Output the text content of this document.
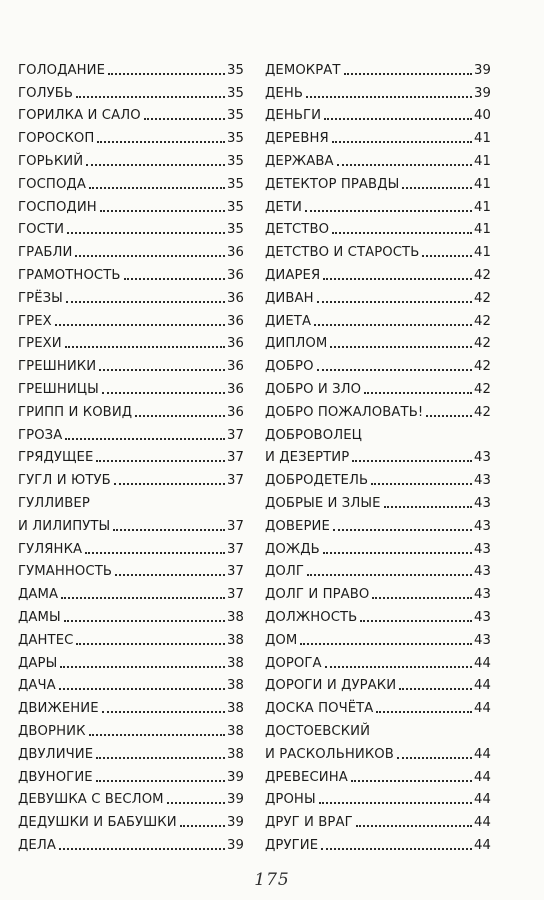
ГОЛОДАНИЕ	35
ГОЛУБЬ	35
ГОРИЛКА И САЛО	35
ГОРОСКОП	35
ГОРЬКИЙ	35
ГОСПОДА	35
ГОСПОДИН	35
ГОСТИ	35
ГРАБЛИ	36
ГРАМОТНОСТЬ	36
ГРЁЗЫ	36
ГРЕХ	36
ГРЕХИ	36
ГРЕШНИКИ	36
ГРЕШНИЦЫ	36
ГРИПП И КОВИД	36
ГРОЗА	37
ГРЯДУЩЕЕ	37
ГУГЛ И ЮТУБ	37
ГУЛЛИВЕР
И ЛИЛИПУТЫ	37
ГУЛЯНКА	37
ГУМАННОСТЬ	37
ДАМА	37
ДАМЫ	38
ДАНТЕС	38
ДАРЫ	38
ДАЧА	38
ДВИЖЕНИЕ	38
ДВОРНИК	38
ДВУЛИЧИЕ	38
ДВУНОГИЕ	39
ДЕВУШКА С ВЕСЛОМ	39
ДЕДУШКИ И БАБУШКИ	39
ДЕЛА	39
ДЕМОКРАТ	39
ДЕНЬ	39
ДЕНЬГИ	40
ДЕРЕВНЯ	41
ДЕРЖАВА	41
ДЕТЕКТОР ПРАВДЫ	41
ДЕТИ	41
ДЕТСТВО	41
ДЕТСТВО И СТАРОСТЬ	41
ДИАРЕЯ	42
ДИВАН	42
ДИЕТА	42
ДИПЛОМ	42
ДОБРО	42
ДОБРО И ЗЛО	42
ДОБРО ПОЖАЛОВАТЬ!	42
ДОБРОВОЛЕЦ
И ДЕЗЕРТИР	43
ДОБРОДЕТЕЛЬ	43
ДОБРЫЕ И ЗЛЫЕ	43
ДОВЕРИЕ	43
ДОЖДЬ	43
ДОЛГ	43
ДОЛГ И ПРАВО	43
ДОЛЖНОСТЬ	43
ДОМ	43
ДОРОГА	44
ДОРОГИ И ДУРАКИ	44
ДОСКА ПОЧЁТА	44
ДОСТОЕВСКИЙ
И РАСКОЛЬНИКОВ	44
ДРЕВЕСИНА	44
ДРОНЫ	44
ДРУГ И ВРАГ	44
ДРУГИЕ	44
175
